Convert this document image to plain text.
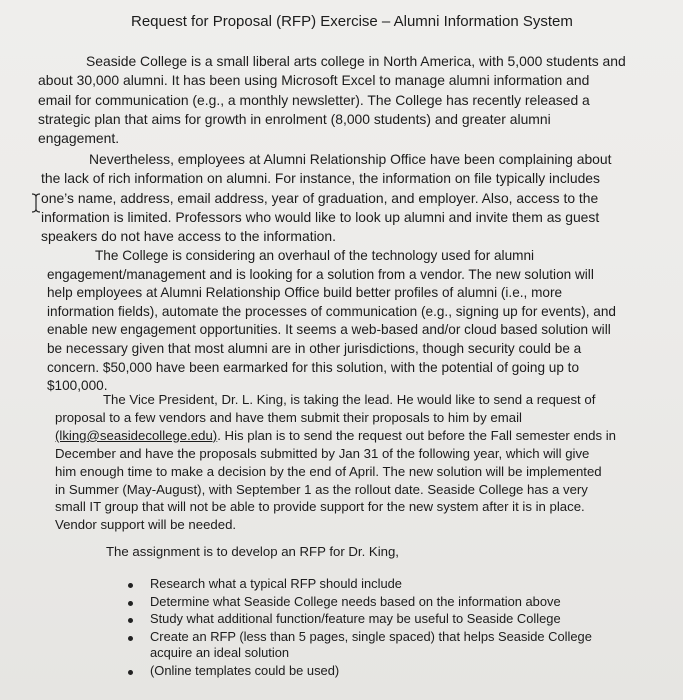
Request for Proposal (RFP) Exercise – Alumni Information System

Seaside College is a small liberal arts college in North America, with 5,000 students and
about 30,000 alumni. It has been using Microsoft Excel to manage alumni information and
email for communication (e.g., a monthly newsletter). The College has recently released a
strategic plan that aims for growth in enrolment (8,000 students) and greater alumni
engagement.

Nevertheless, employees at Alumni Relationship Office have been complaining about
the lack of rich information on alumni. For instance, the information on file typically includes
one’s name, address, email address, year of graduation, and employer. Also, access to the
information is limited. Professors who would like to look up alumni and invite them as guest
speakers do not have access to the information.

The College is considering an overhaul of the technology used for alumni
engagement/management and is looking for a solution from a vendor. The new solution will
help employees at Alumni Relationship Office build better profiles of alumni (i.e., more
information fields), automate the processes of communication (e.g., signing up for events), and
enable new engagement opportunities. It seems a web-based and/or cloud based solution will
be necessary given that most alumni are in other jurisdictions, though security could be a
concern. $50,000 have been earmarked for this solution, with the potential of going up to
$100,000.

The Vice President, Dr. L. King, is taking the lead. He would like to send a request of
proposal to a few vendors and have them submit their proposals to him by email
(lking@seasidecollege.edu). His plan is to send the request out before the Fall semester ends in
December and have the proposals submitted by Jan 31 of the following year, which will give
him enough time to make a decision by the end of April. The new solution will be implemented
in Summer (May-August), with September 1 as the rollout date. Seaside College has a very
small IT group that will not be able to provide support for the new system after it is in place.
Vendor support will be needed.

The assignment is to develop an RFP for Dr. King,

Research what a typical RFP should include
Determine what Seaside College needs based on the information above
Study what additional function/feature may be useful to Seaside College
Create an RFP (less than 5 pages, single spaced) that helps Seaside College
acquire an ideal solution
(Online templates could be used)
